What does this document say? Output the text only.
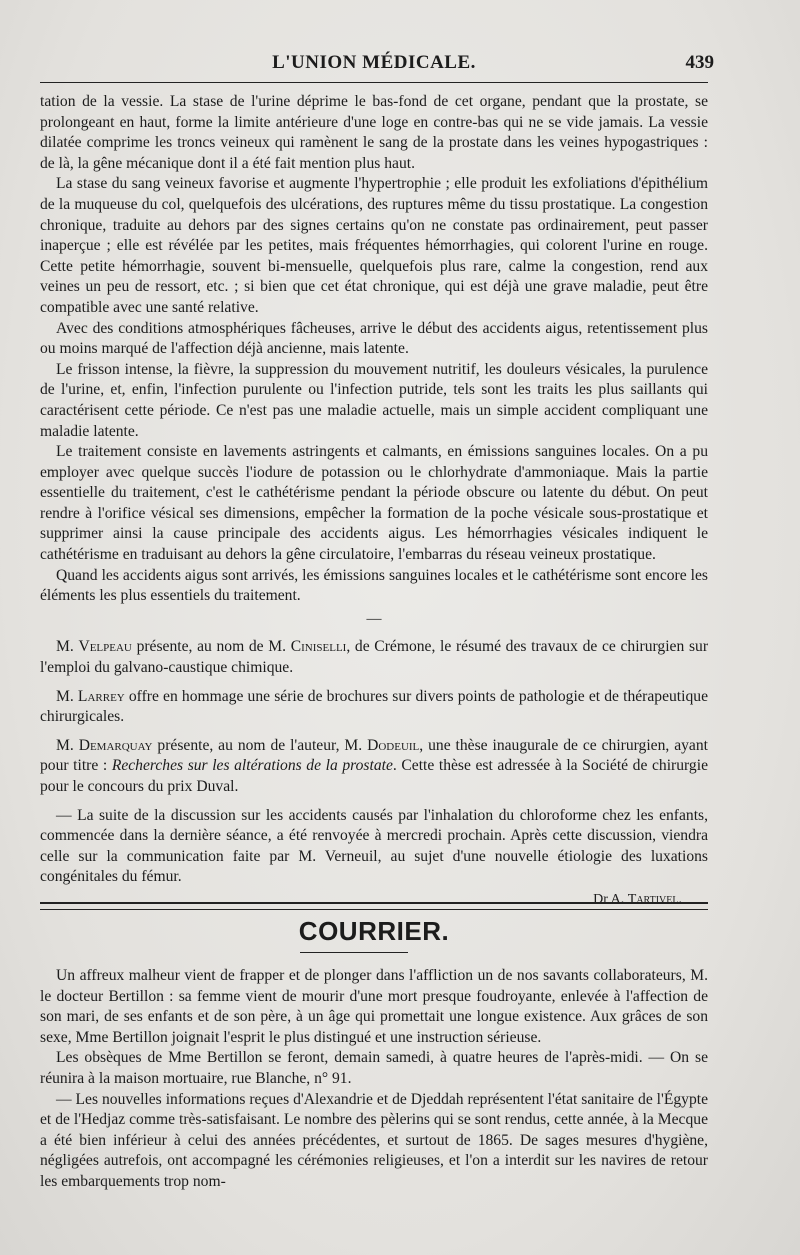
L'UNION MÉDICALE.	439

tation de la vessie. La stase de l'urine déprime le bas-fond de cet organe, pendant que la prostate, se prolongeant en haut, forme la limite antérieure d'une loge en contre-bas qui ne se vide jamais. La vessie dilatée comprime les troncs veineux qui ramènent le sang de la prostate dans les veines hypogastriques : de là, la gêne mécanique dont il a été fait mention plus haut.

La stase du sang veineux favorise et augmente l'hypertrophie ; elle produit les exfoliations d'épithélium de la muqueuse du col, quelquefois des ulcérations, des ruptures même du tissu prostatique. La congestion chronique, traduite au dehors par des signes certains qu'on ne constate pas ordinairement, peut passer inaperçue ; elle est révélée par les petites, mais fréquentes hémorrhagies, qui colorent l'urine en rouge. Cette petite hémorrhagie, souvent bi-mensuelle, quelquefois plus rare, calme la congestion, rend aux veines un peu de ressort, etc. ; si bien que cet état chronique, qui est déjà une grave maladie, peut être compatible avec une santé relative.

Avec des conditions atmosphériques fâcheuses, arrive le début des accidents aigus, retentissement plus ou moins marqué de l'affection déjà ancienne, mais latente.

Le frisson intense, la fièvre, la suppression du mouvement nutritif, les douleurs vésicales, la purulence de l'urine, et, enfin, l'infection purulente ou l'infection putride, tels sont les traits les plus saillants qui caractérisent cette période. Ce n'est pas une maladie actuelle, mais un simple accident compliquant une maladie latente.

Le traitement consiste en lavements astringents et calmants, en émissions sanguines locales. On a pu employer avec quelque succès l'iodure de potassion ou le chlorhydrate d'ammoniaque. Mais la partie essentielle du traitement, c'est le cathétérisme pendant la période obscure ou latente du début. On peut rendre à l'orifice vésical ses dimensions, empêcher la formation de la poche vésicale sous-prostatique et supprimer ainsi la cause principale des accidents aigus. Les hémorrhagies vésicales indiquent le cathétérisme en traduisant au dehors la gêne circulatoire, l'embarras du réseau veineux prostatique.

Quand les accidents aigus sont arrivés, les émissions sanguines locales et le cathétérisme sont encore les éléments les plus essentiels du traitement.

—

M. Velpeau présente, au nom de M. Ciniselli, de Crémone, le résumé des travaux de ce chirurgien sur l'emploi du galvano-caustique chimique.

M. Larrey offre en hommage une série de brochures sur divers points de pathologie et de thérapeutique chirurgicales.

M. Demarquay présente, au nom de l'auteur, M. Dodeuil, une thèse inaugurale de ce chirurgien, ayant pour titre : Recherches sur les altérations de la prostate. Cette thèse est adressée à la Société de chirurgie pour le concours du prix Duval.

— La suite de la discussion sur les accidents causés par l'inhalation du chloroforme chez les enfants, commencée dans la dernière séance, a été renvoyée à mercredi prochain. Après cette discussion, viendra celle sur la communication faite par M. Verneuil, au sujet d'une nouvelle étiologie des luxations congénitales du fémur.

Dr A. Tartivel.
COURRIER.

Un affreux malheur vient de frapper et de plonger dans l'affliction un de nos savants collaborateurs, M. le docteur Bertillon : sa femme vient de mourir d'une mort presque foudroyante, enlevée à l'affection de son mari, de ses enfants et de son père, à un âge qui promettait une longue existence. Aux grâces de son sexe, Mme Bertillon joignait l'esprit le plus distingué et une instruction sérieuse.

Les obsèques de Mme Bertillon se feront, demain samedi, à quatre heures de l'après-midi. — On se réunira à la maison mortuaire, rue Blanche, n° 91.

— Les nouvelles informations reçues d'Alexandrie et de Djeddah représentent l'état sanitaire de l'Égypte et de l'Hedjaz comme très-satisfaisant. Le nombre des pèlerins qui se sont rendus, cette année, à la Mecque a été bien inférieur à celui des années précédentes, et surtout de 1865. De sages mesures d'hygiène, négligées autrefois, ont accompagné les cérémonies religieuses, et l'on a interdit sur les navires de retour les embarquements trop nom-
